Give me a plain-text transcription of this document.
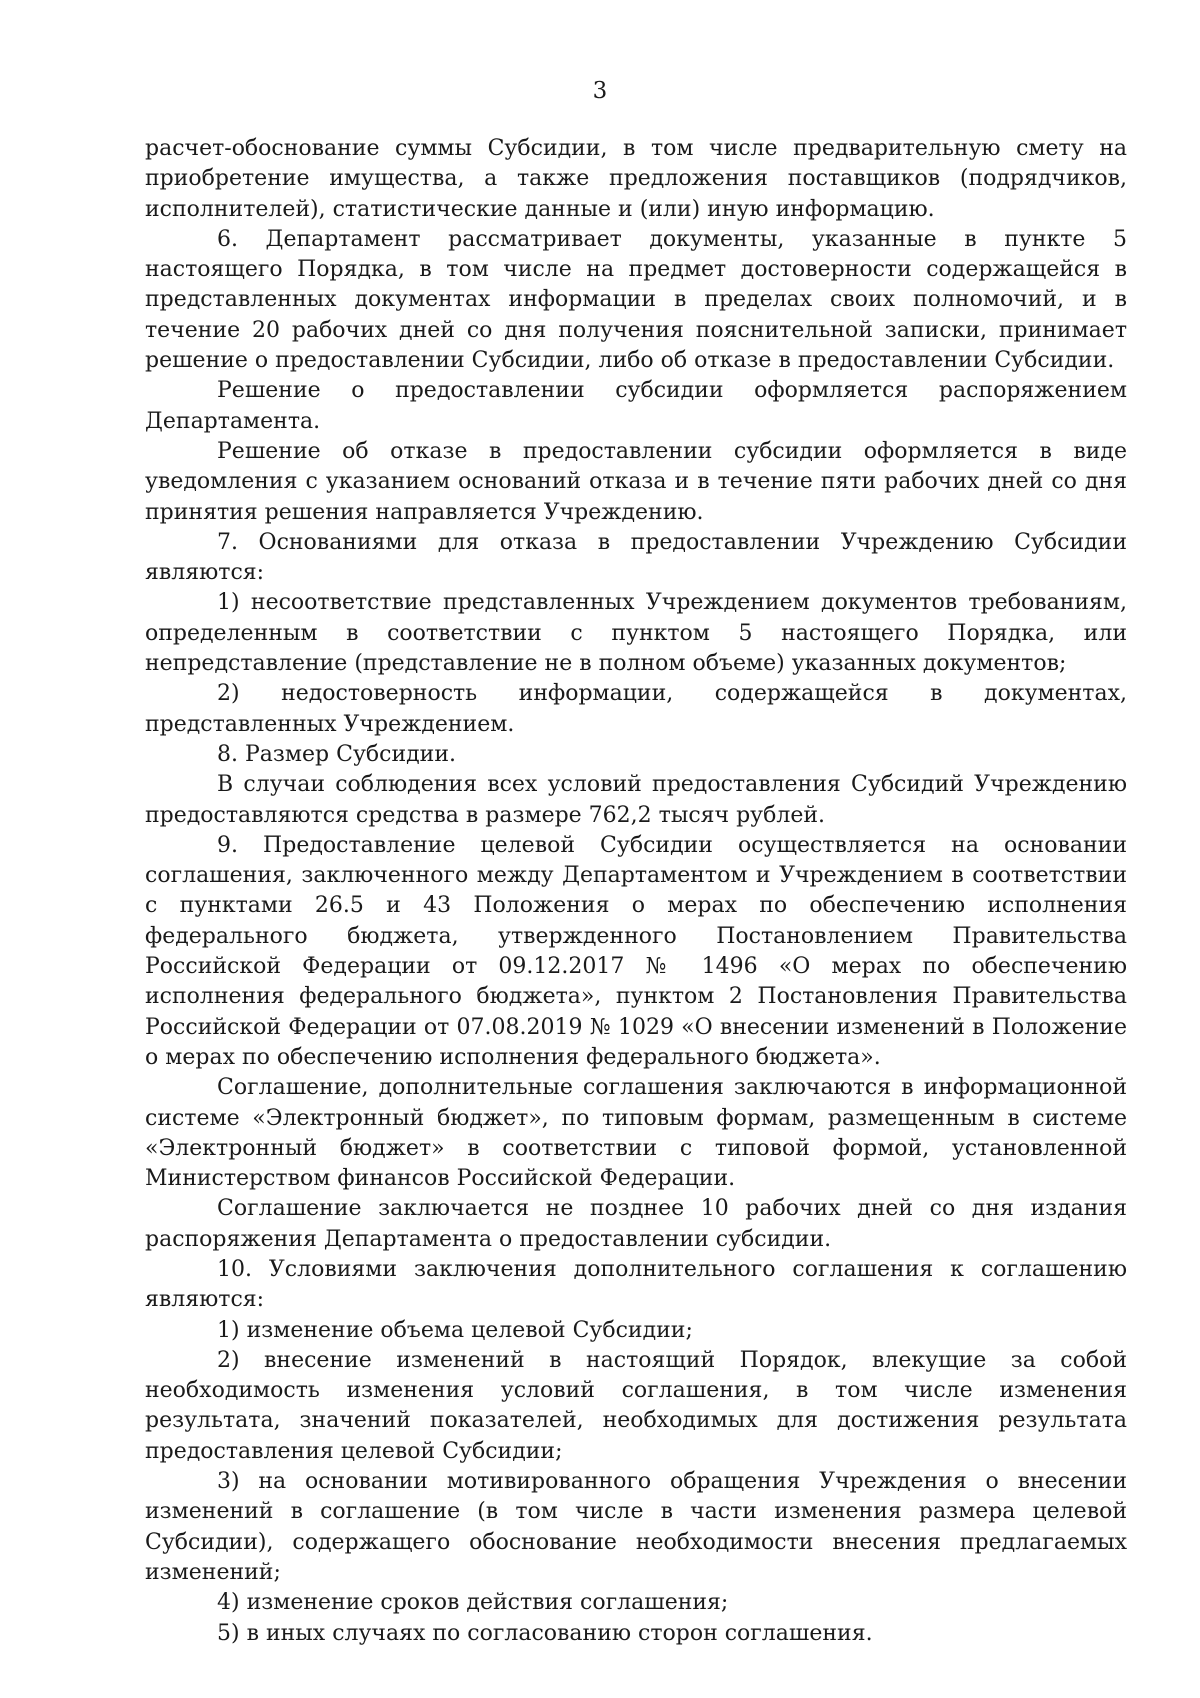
3

расчет-обоснование суммы Субсидии, в том числе предварительную смету на приобретение имущества, а также предложения поставщиков (подрядчиков, исполнителей), статистические данные и (или) иную информацию.

6. Департамент рассматривает документы, указанные в пункте 5 настоящего Порядка, в том числе на предмет достоверности содержащейся в представленных документах информации в пределах своих полномочий, и в течение 20 рабочих дней со дня получения пояснительной записки, принимает решение о предоставлении Субсидии, либо об отказе в предоставлении Субсидии.

Решение о предоставлении субсидии оформляется распоряжением Департамента.

Решение об отказе в предоставлении субсидии оформляется в виде уведомления с указанием оснований отказа и в течение пяти рабочих дней со дня принятия решения направляется Учреждению.

7. Основаниями для отказа в предоставлении Учреждению Субсидии являются:

1) несоответствие представленных Учреждением документов требованиям, определенным в соответствии с пунктом 5 настоящего Порядка, или непредставление (представление не в полном объеме) указанных документов;

2) недостоверность информации, содержащейся в документах, представленных Учреждением.

8. Размер Субсидии.

В случаи соблюдения всех условий предоставления Субсидий Учреждению предоставляются средства в размере 762,2 тысяч рублей.

9. Предоставление целевой Субсидии осуществляется на основании соглашения, заключенного между Департаментом и Учреждением в соответствии с пунктами 26.5 и 43 Положения о мерах по обеспечению исполнения федерального бюджета, утвержденного Постановлением Правительства Российской Федерации от 09.12.2017 № 1496 «О мерах по обеспечению исполнения федерального бюджета», пунктом 2 Постановления Правительства Российской Федерации от 07.08.2019 № 1029 «О внесении изменений в Положение о мерах по обеспечению исполнения федерального бюджета».

Соглашение, дополнительные соглашения заключаются в информационной системе «Электронный бюджет», по типовым формам, размещенным в системе «Электронный бюджет» в соответствии с типовой формой, установленной Министерством финансов Российской Федерации.

Соглашение заключается не позднее 10 рабочих дней со дня издания распоряжения Департамента о предоставлении субсидии.

10. Условиями заключения дополнительного соглашения к соглашению являются:

1) изменение объема целевой Субсидии;

2) внесение изменений в настоящий Порядок, влекущие за собой необходимость изменения условий соглашения, в том числе изменения результата, значений показателей, необходимых для достижения результата предоставления целевой Субсидии;

3) на основании мотивированного обращения Учреждения о внесении изменений в соглашение (в том числе в части изменения размера целевой Субсидии), содержащего обоснование необходимости внесения предлагаемых изменений;

4) изменение сроков действия соглашения;

5) в иных случаях по согласованию сторон соглашения.
